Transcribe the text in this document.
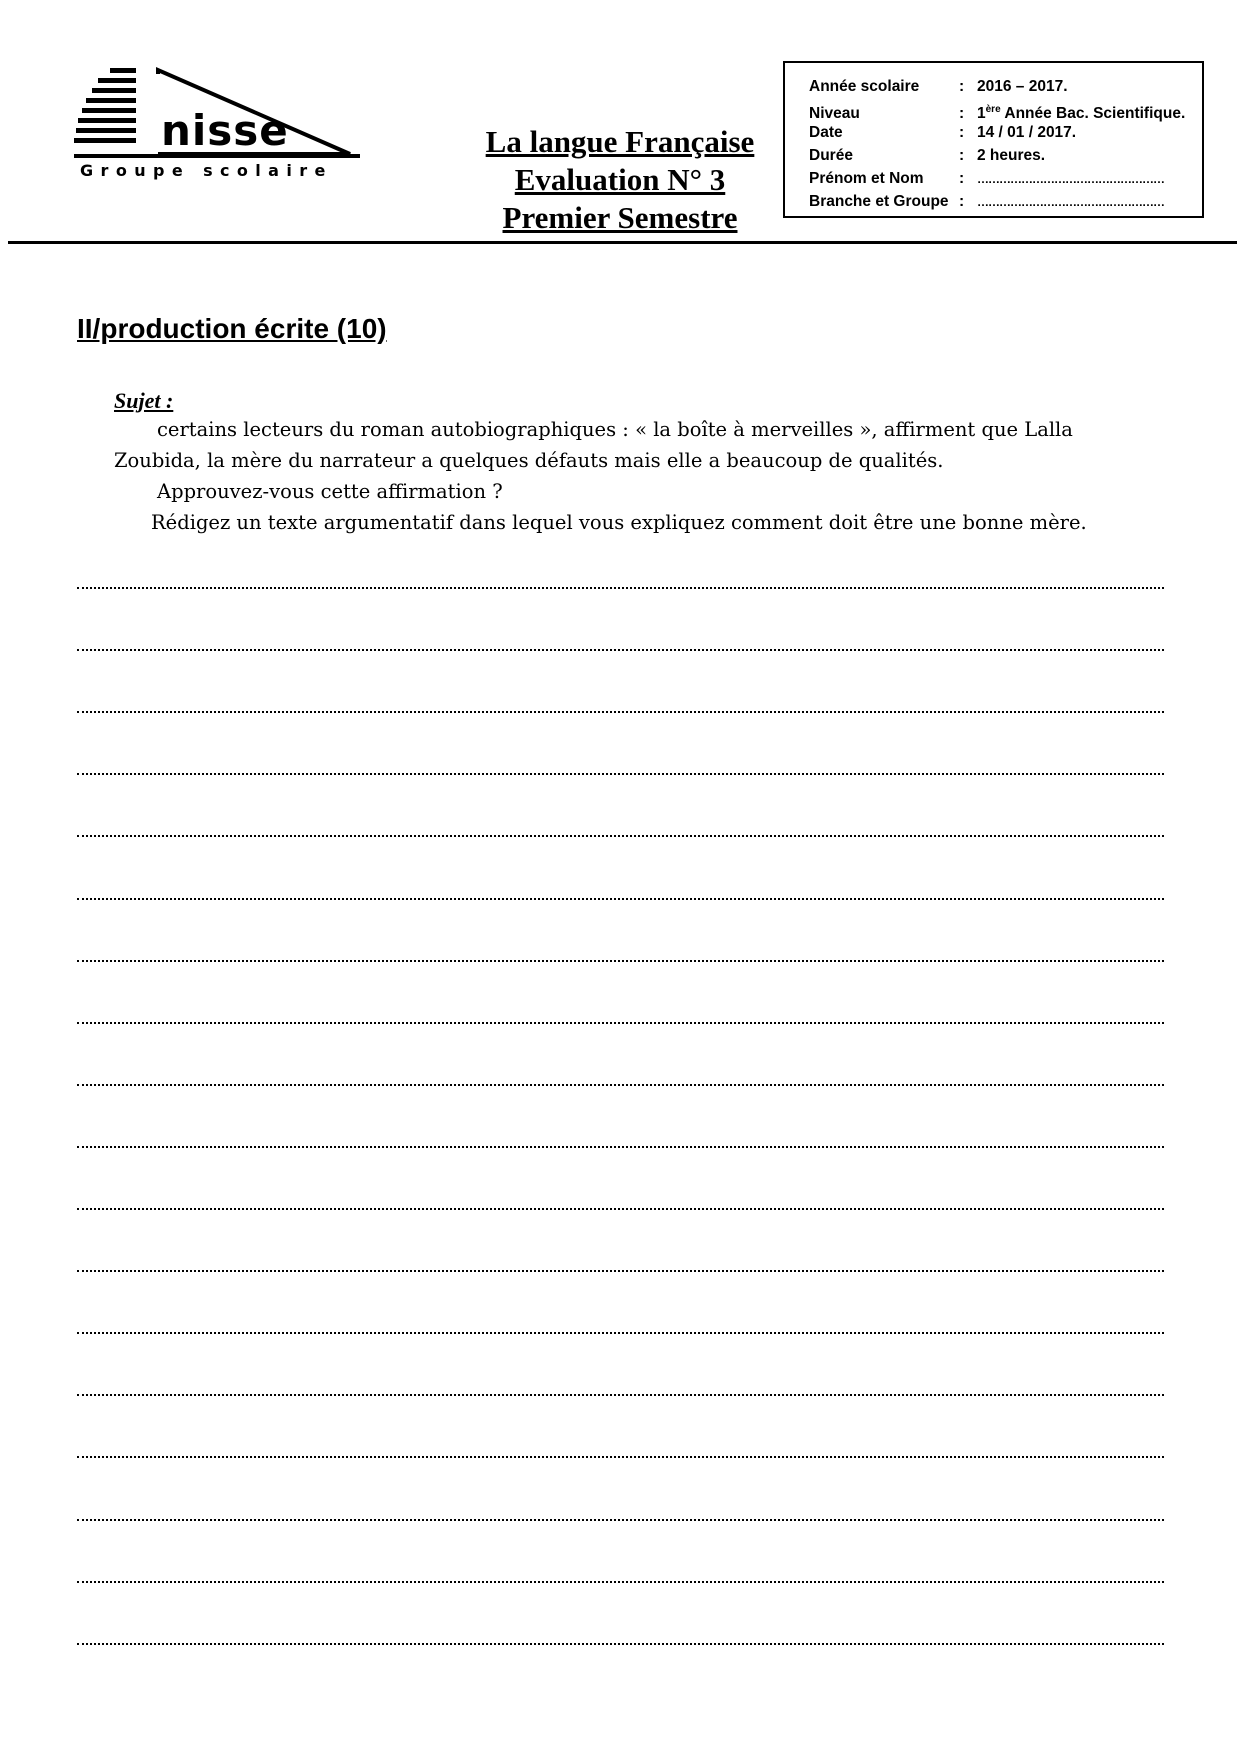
nisse
Groupe scolaire
La langue Française
Evaluation N° 3
Premier Semestre
Année scolaire	: 2016 – 2017.
Niveau	: 1ère Année Bac. Scientifique.
Date	: 14 / 01 / 2017.
Durée	: 2 heures.
Prénom et Nom : ……………………………………………
Branche et Groupe : ……………………………………………
II/production écrite (10)
Sujet :
certains lecteurs du roman autobiographiques : « la boîte à merveilles », affirment que Lalla
Zoubida, la mère du narrateur a quelques défauts mais elle a beaucoup de qualités.
Approuvez-vous cette affirmation ?
Rédigez un texte argumentatif dans lequel vous expliquez comment doit être une bonne mère.
